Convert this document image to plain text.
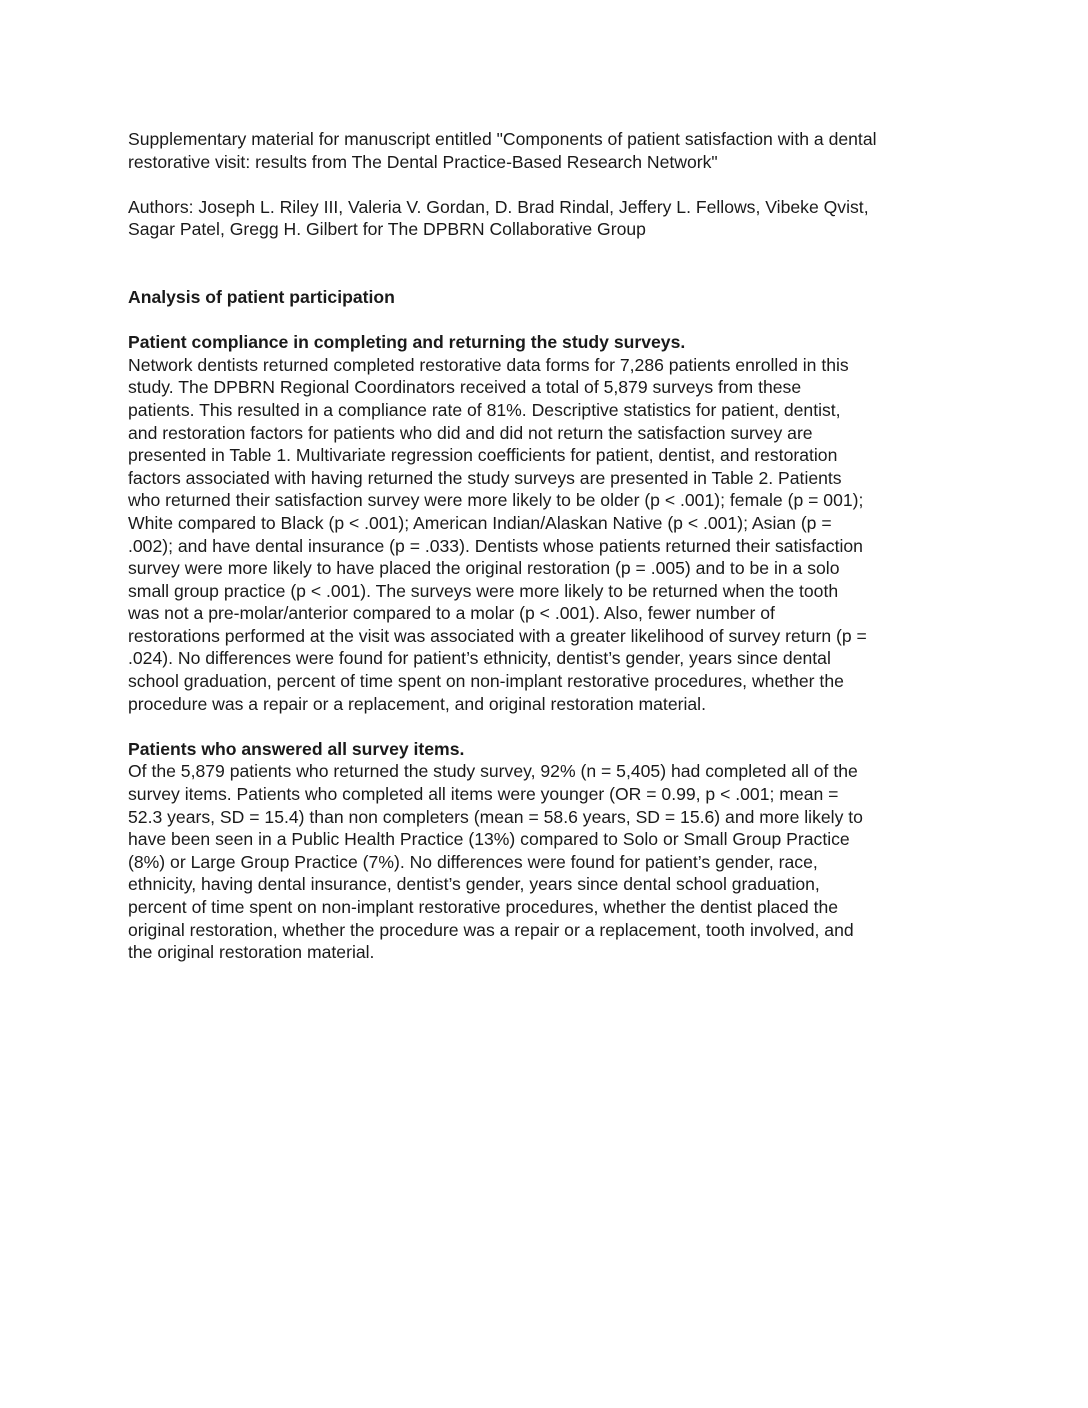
Supplementary material for manuscript entitled "Components of patient satisfaction with a dental
restorative visit: results from The Dental Practice-Based Research Network"

Authors: Joseph L. Riley III, Valeria V. Gordan, D. Brad Rindal, Jeffery L. Fellows, Vibeke Qvist,
Sagar Patel, Gregg H. Gilbert for The DPBRN Collaborative Group

Analysis of patient participation
Patient compliance in completing and returning the study surveys.

Network dentists returned completed restorative data forms for 7,286 patients enrolled in this
study. The DPBRN Regional Coordinators received a total of 5,879 surveys from these
patients. This resulted in a compliance rate of 81%. Descriptive statistics for patient, dentist,
and restoration factors for patients who did and did not return the satisfaction survey are
presented in Table 1. Multivariate regression coefficients for patient, dentist, and restoration
factors associated with having returned the study surveys are presented in Table 2. Patients
who returned their satisfaction survey were more likely to be older (p < .001); female (p = 001);
White compared to Black (p < .001); American Indian/Alaskan Native (p < .001); Asian (p =
.002); and have dental insurance (p = .033). Dentists whose patients returned their satisfaction
survey were more likely to have placed the original restoration (p = .005) and to be in a solo
small group practice (p < .001). The surveys were more likely to be returned when the tooth
was not a pre-molar/anterior compared to a molar (p < .001). Also, fewer number of
restorations performed at the visit was associated with a greater likelihood of survey return (p =
.024). No differences were found for patient’s ethnicity, dentist’s gender, years since dental
school graduation, percent of time spent on non-implant restorative procedures, whether the
procedure was a repair or a replacement, and original restoration material.

Patients who answered all survey items.

Of the 5,879 patients who returned the study survey, 92% (n = 5,405) had completed all of the
survey items. Patients who completed all items were younger (OR = 0.99, p < .001; mean =
52.3 years, SD = 15.4) than non completers (mean = 58.6 years, SD = 15.6) and more likely to
have been seen in a Public Health Practice (13%) compared to Solo or Small Group Practice
(8%) or Large Group Practice (7%). No differences were found for patient’s gender, race,
ethnicity, having dental insurance, dentist’s gender, years since dental school graduation,
percent of time spent on non-implant restorative procedures, whether the dentist placed the
original restoration, whether the procedure was a repair or a replacement, tooth involved, and
the original restoration material.
